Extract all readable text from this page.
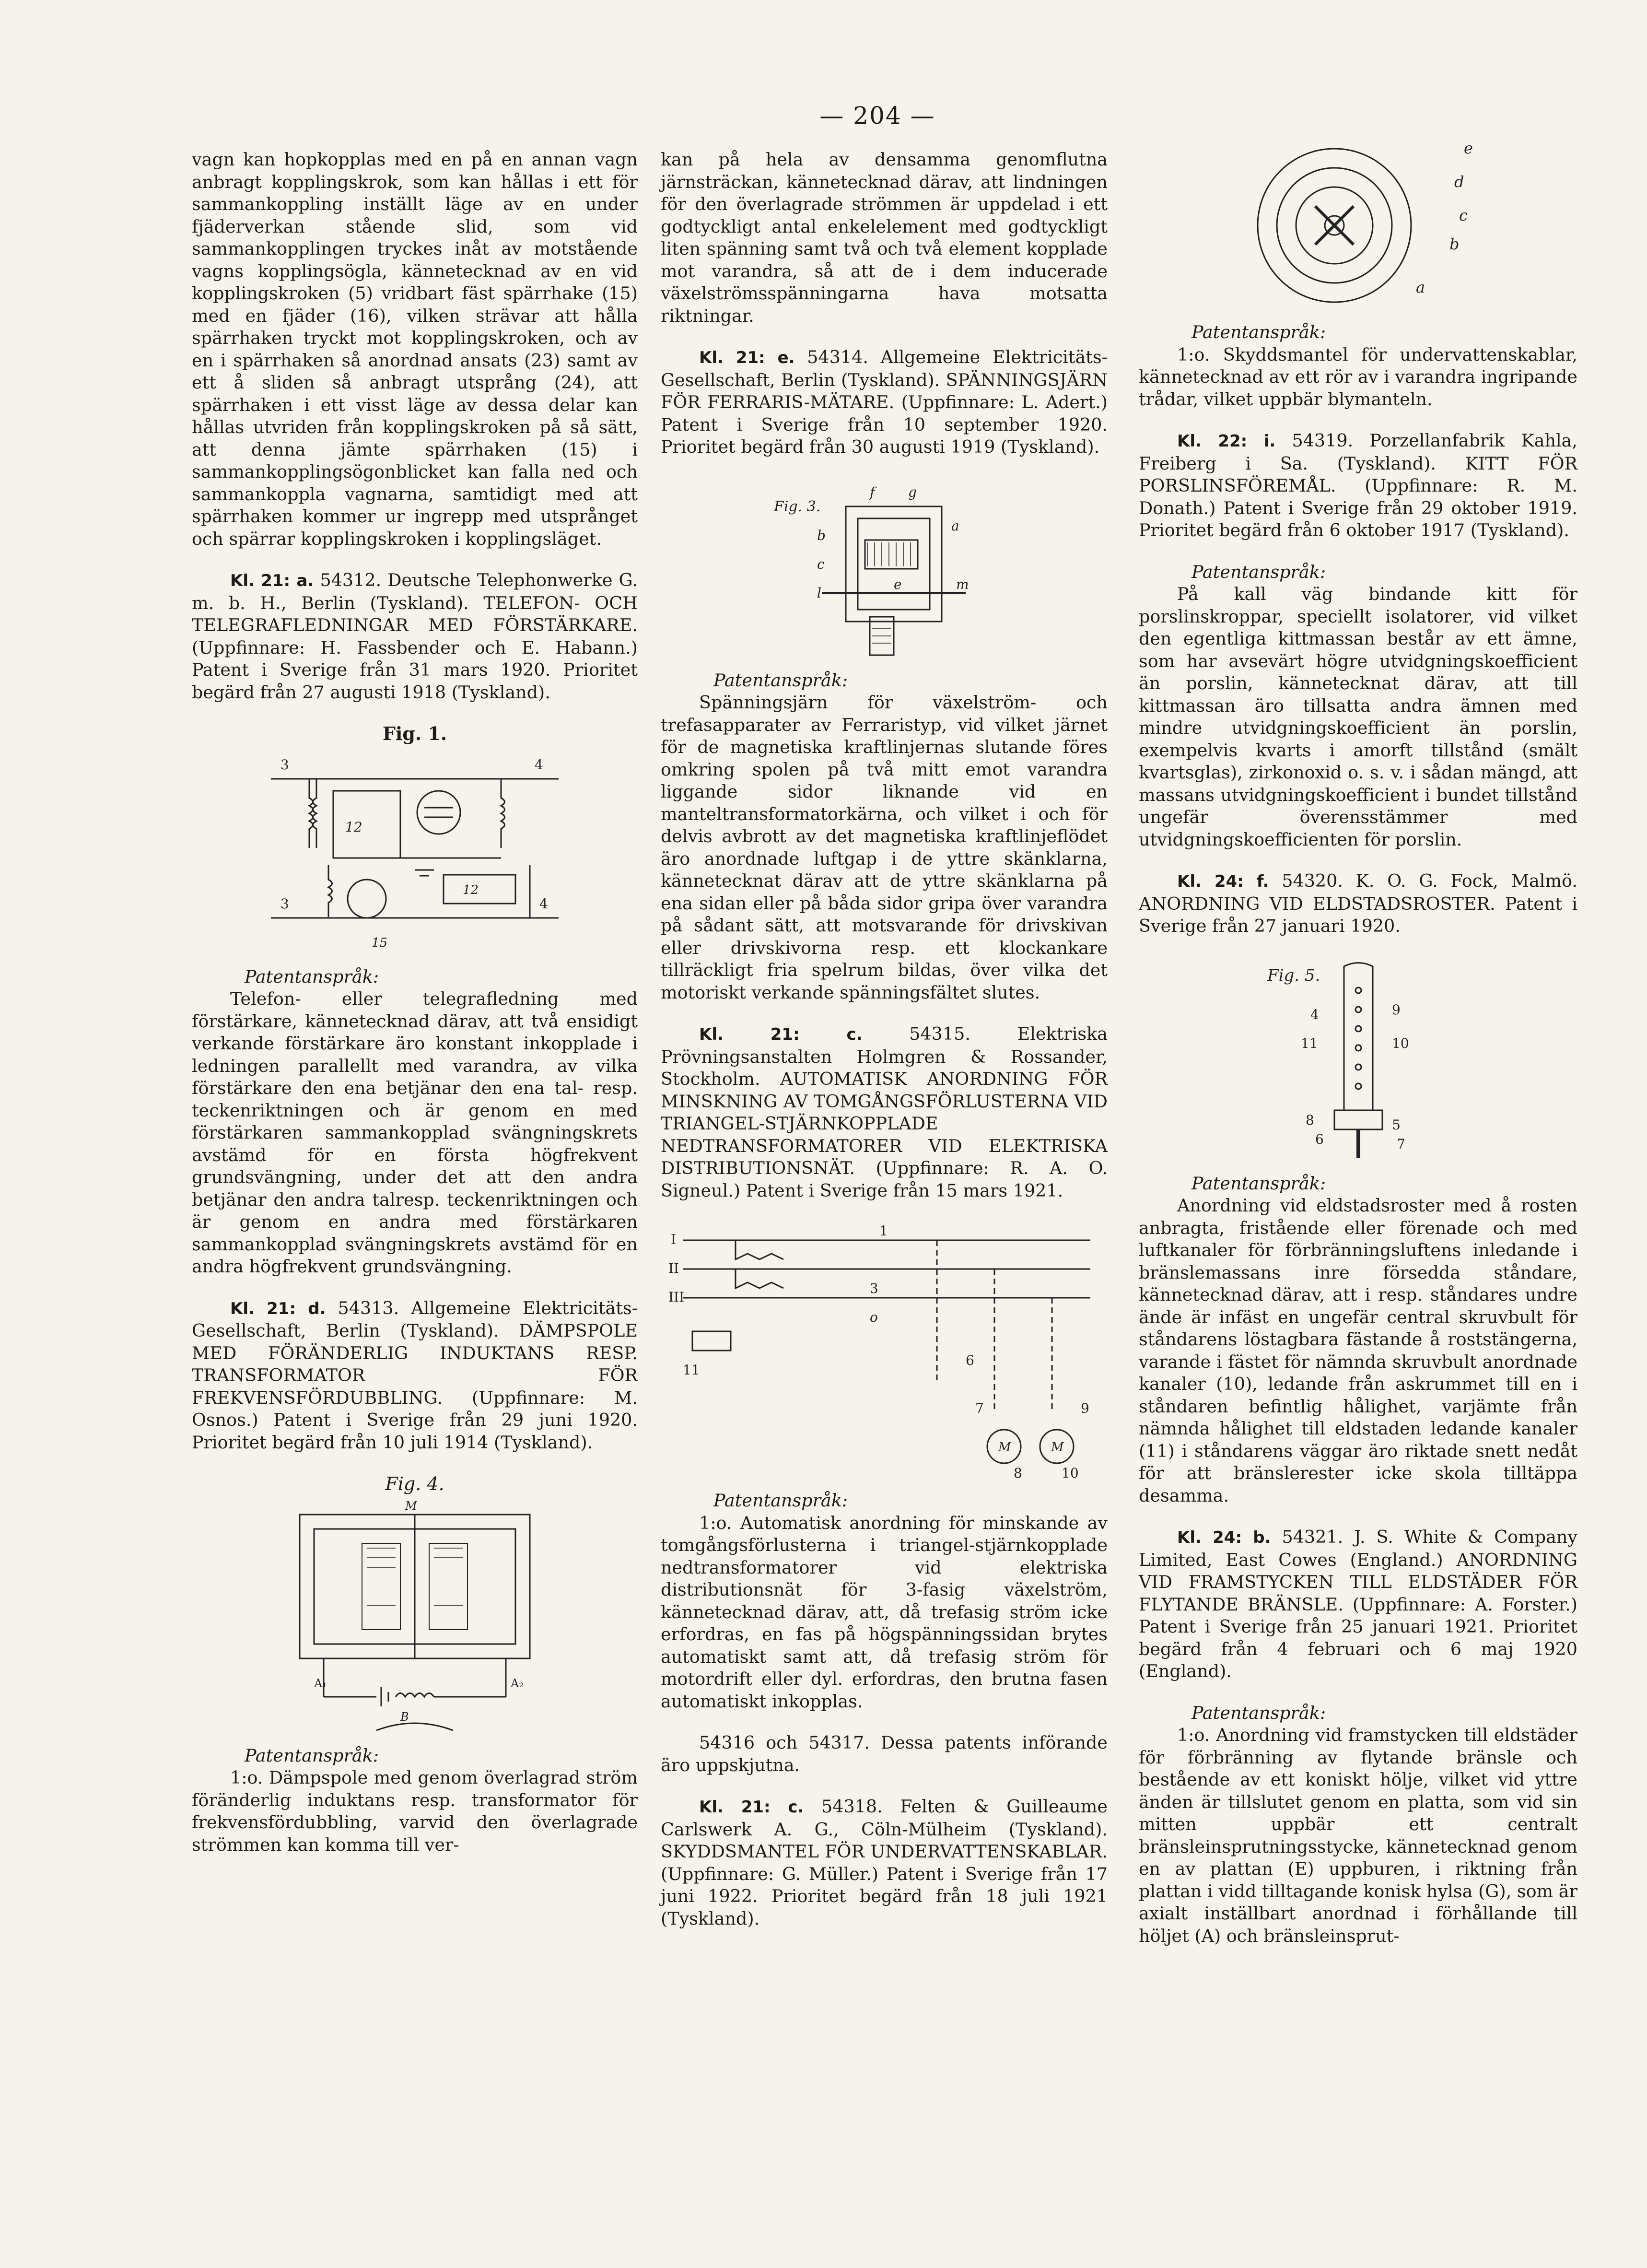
— 204 —

vagn kan hopkopplas med en på en annan vagn anbragt kopplingskrok, som kan hållas i ett för sammankoppling inställt läge av en under fjäderverkan stående slid, som vid sammankopplingen tryckes inåt av motstående vagns kopplingsögla, kännetecknad av en vid kopplingskroken (5) vridbart fäst spärrhake (15) med en fjäder (16), vilken strävar att hålla spärrhaken tryckt mot kopplingskroken, och av en i spärrhaken så anordnad ansats (23) samt av ett å sliden så anbragt utsprång (24), att spärrhaken i ett visst läge av dessa delar kan hållas utvriden från kopplingskroken på så sätt, att denna jämte spärrhaken (15) i sammankopplingsögonblicket kan falla ned och sammankoppla vagnarna, samtidigt med att spärrhaken kommer ur ingrepp med utsprånget och spärrar kopplingskroken i kopplingsläget.

Kl. 21: a. 54312. Deutsche Telephonwerke G. m. b. H., Berlin (Tyskland). TELEFON- OCH TELEGRAFLEDNINGAR MED FÖRSTÄRKARE. (Uppfinnare: H. Fassbender och E. Habann.) Patent i Sverige från 31 mars 1920. Prioritet begärd från 27 augusti 1918 (Tyskland).

Fig. 1.
12
12
3	4
3	4
15

Patentanspråk:

Telefon- eller telegrafledning med förstärkare, kännetecknad därav, att två ensidigt verkande förstärkare äro konstant inkopplade i ledningen parallellt med varandra, av vilka förstärkare den ena betjänar den ena tal- resp. teckenriktningen och är genom en med förstärkaren sammankopplad svängningskrets avstämd för en första högfrekvent grundsvängning, under det att den andra betjänar den andra talresp. teckenriktningen och är genom en andra med förstärkaren sammankopplad svängningskrets avstämd för en andra högfrekvent grundsvängning.

Kl. 21: d. 54313. Allgemeine Elektricitäts-Gesellschaft, Berlin (Tyskland). DÄMPSPOLE MED FÖRÄNDERLIG INDUKTANS RESP. TRANSFORMATOR FÖR FREKVENSFÖRDUBBLING. (Uppfinnare: M. Osnos.) Patent i Sverige från 29 juni 1920. Prioritet begärd från 10 juli 1914 (Tyskland).

Fig. 4.
M
A₁	A₂
B

Patentanspråk:

1:o. Dämpspole med genom överlagrad ström föränderlig induktans resp. transformator för frekvensfördubbling, varvid den överlagrade strömmen kan komma till ver-

kan på hela av densamma genomflutna järnsträckan, kännetecknad därav, att lindningen för den överlagrade strömmen är uppdelad i ett godtyckligt antal enkelelement med godtyckligt liten spänning samt två och två element kopplade mot varandra, så att de i dem inducerade växelströmsspänningarna hava motsatta riktningar.

Kl. 21: e. 54314. Allgemeine Elektricitäts-Gesellschaft, Berlin (Tyskland). SPÄNNINGSJÄRN FÖR FERRARIS-MÄTARE. (Uppfinnare: L. Adert.) Patent i Sverige från 10 september 1920. Prioritet begärd från 30 augusti 1919 (Tyskland).

Fig. 3.
b
c
l
a
e	m
f g

Patentanspråk:

Spänningsjärn för växelström- och trefasapparater av Ferraristyp, vid vilket järnet för de magnetiska kraftlinjernas slutande föres omkring spolen på två mitt emot varandra liggande sidor liknande vid en manteltransformatorkärna, och vilket i och för delvis avbrott av det magnetiska kraftlinjeflödet äro anordnade luftgap i de yttre skänklarna, kännetecknat därav att de yttre skänklarna på ena sidan eller på båda sidor gripa över varandra på sådant sätt, att motsvarande för drivskivan eller drivskivorna resp. ett klockankare tillräckligt fria spelrum bildas, över vilka det motoriskt verkande spänningsfältet slutes.

Kl. 21: c.	54315. Elektriska Prövningsanstalten Holmgren & Rossander, Stockholm. AUTOMATISK ANORDNING FÖR MINSKNING AV TOMGÅNGSFÖRLUSTERNA VID TRIANGEL-STJÄRNKOPPLADE NEDTRANSFORMATORER VID ELEKTRISKA DISTRIBUTIONSNÄT. (Uppfinnare: R. A. O. Signeul.) Patent i Sverige från 15 mars 1921.

M	M
I
II
III
1
3
o
6
7	9
8	10
11

Patentanspråk:

1:o. Automatisk anordning för minskande av tomgångsförlusterna i triangel-stjärnkopplade nedtransformatorer vid elektriska distributionsnät för 3-fasig växelström, kännetecknad därav, att, då trefasig ström icke erfordras, en fas på högspänningssidan brytes automatiskt samt att, då trefasig ström för motordrift eller dyl. erfordras, den brutna fasen automatiskt inkopplas.

54316 och 54317. Dessa patents införande äro uppskjutna.

Kl. 21: c. 54318. Felten & Guilleaume Carlswerk A. G., Cöln-Mülheim (Tyskland). SKYDDSMANTEL FÖR UNDERVATTENSKABLAR. (Uppfinnare: G. Müller.) Patent i Sverige från 17 juni 1922. Prioritet begärd från 18 juli 1921 (Tyskland).

e
d
c
b
a

Patentanspråk:

1:o. Skyddsmantel för undervattenskablar, kännetecknad av ett rör av i varandra ingripande trådar, vilket uppbär blymanteln.

Kl. 22: i. 54319. Porzellanfabrik Kahla, Freiberg i Sa. (Tyskland). KITT FÖR PORSLINSFÖREMÅL. (Uppfinnare: R. M. Donath.) Patent i Sverige från 29 oktober 1919. Prioritet begärd från 6 oktober 1917 (Tyskland).

Patentanspråk:

På kall väg bindande kitt för porslinskroppar, speciellt isolatorer, vid vilket den egentliga kittmassan består av ett ämne, som har avsevärt högre utvidgningskoefficient än porslin, kännetecknat därav, att till kittmassan äro tillsatta andra ämnen med mindre utvidgningskoefficient än porslin, exempelvis kvarts i amorft tillstånd (smält kvartsglas), zirkonoxid o. s. v. i sådan mängd, att massans utvidgningskoefficient i bundet tillstånd ungefär överensstämmer med utvidgningskoefficienten för porslin.

Kl. 24: f. 54320. K. O. G. Fock, Malmö. ANORDNING VID ELDSTADSROSTER. Patent i Sverige från 27 januari 1920.

Fig. 5.
4	9
11	10
8	5
6	7

Patentanspråk:

Anordning vid eldstadsroster med å rosten anbragta, fristående eller förenade och med luftkanaler för förbränningsluftens inledande i bränslemassans inre försedda ståndare, kännetecknad därav, att i resp. ståndares undre ände är infäst en ungefär central skruvbult för ståndarens löstagbara fästande å roststängerna, varande i fästet för nämnda skruvbult anordnade kanaler (10), ledande från askrummet till en i ståndaren befintlig hålighet, varjämte från nämnda hålighet till eldstaden ledande kanaler (11) i ståndarens väggar äro riktade snett nedåt för att bränslerester icke skola tilltäppa desamma.

Kl. 24: b. 54321. J. S. White & Company Limited, East Cowes (England.) ANORDNING VID FRAMSTYCKEN TILL ELDSTÄDER FÖR FLYTANDE BRÄNSLE. (Uppfinnare: A. Forster.) Patent i Sverige från 25 januari 1921. Prioritet begärd från 4 februari och 6 maj 1920 (England).

Patentanspråk:

1:o. Anordning vid framstycken till eldstäder för förbränning av flytande bränsle och bestående av ett koniskt hölje, vilket vid yttre änden är tillslutet genom en platta, som vid sin mitten uppbär ett centralt bränsleinsprutningsstycke, kännetecknad genom en av plattan (E) uppburen, i riktning från plattan i vidd tilltagande konisk hylsa (G), som är axialt inställbart anordnad i förhållande till höljet (A) och bränsleinsprut-
